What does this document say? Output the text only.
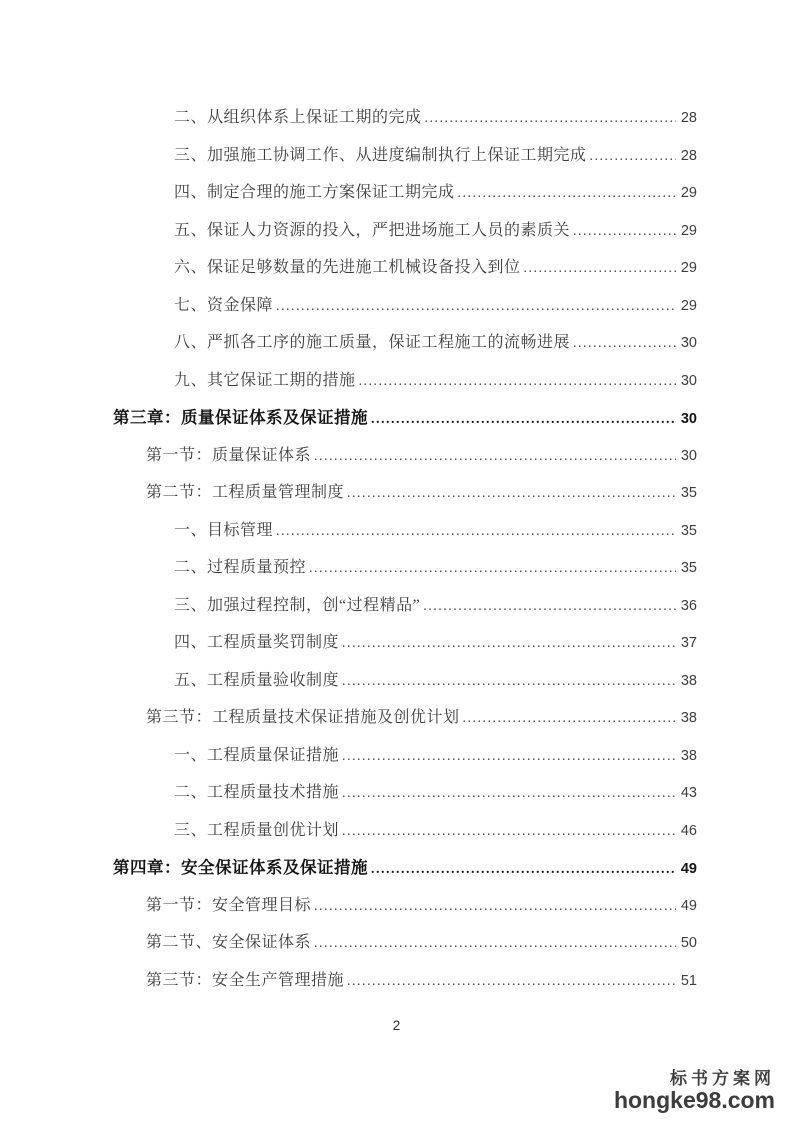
二、从组织体系上保证工期的完成 .....	28
三、加强施工协调工作、从进度编制执行上保证工期完成 .....	28
四、制定合理的施工方案保证工期完成 .....	29
五、保证人力资源的投入，严把进场施工人员的素质关 .....	29
六、保证足够数量的先进施工机械设备投入到位 .....	29
七、资金保障 .....	29
八、严抓各工序的施工质量，保证工程施工的流畅进展 .....	30
九、其它保证工期的措施 .....	30
第三章：质量保证体系及保证措施 .....	30
第一节：质量保证体系 .....	30
第二节：工程质量管理制度 .....	35
一、目标管理 .....	35
二、过程质量预控 .....	35
三、加强过程控制，创“过程精品” .....	36
四、工程质量奖罚制度 .....	37
五、工程质量验收制度 .....	38
第三节：工程质量技术保证措施及创优计划 .....	38
一、工程质量保证措施 .....	38
二、工程质量技术措施 .....	43
三、工程质量创优计划 .....	46
第四章：安全保证体系及保证措施 .....	49
第一节：安全管理目标 .....	49
第二节、安全保证体系 .....	50
第三节：安全生产管理措施 .....	51
2
标书方案网
hongke98.com
